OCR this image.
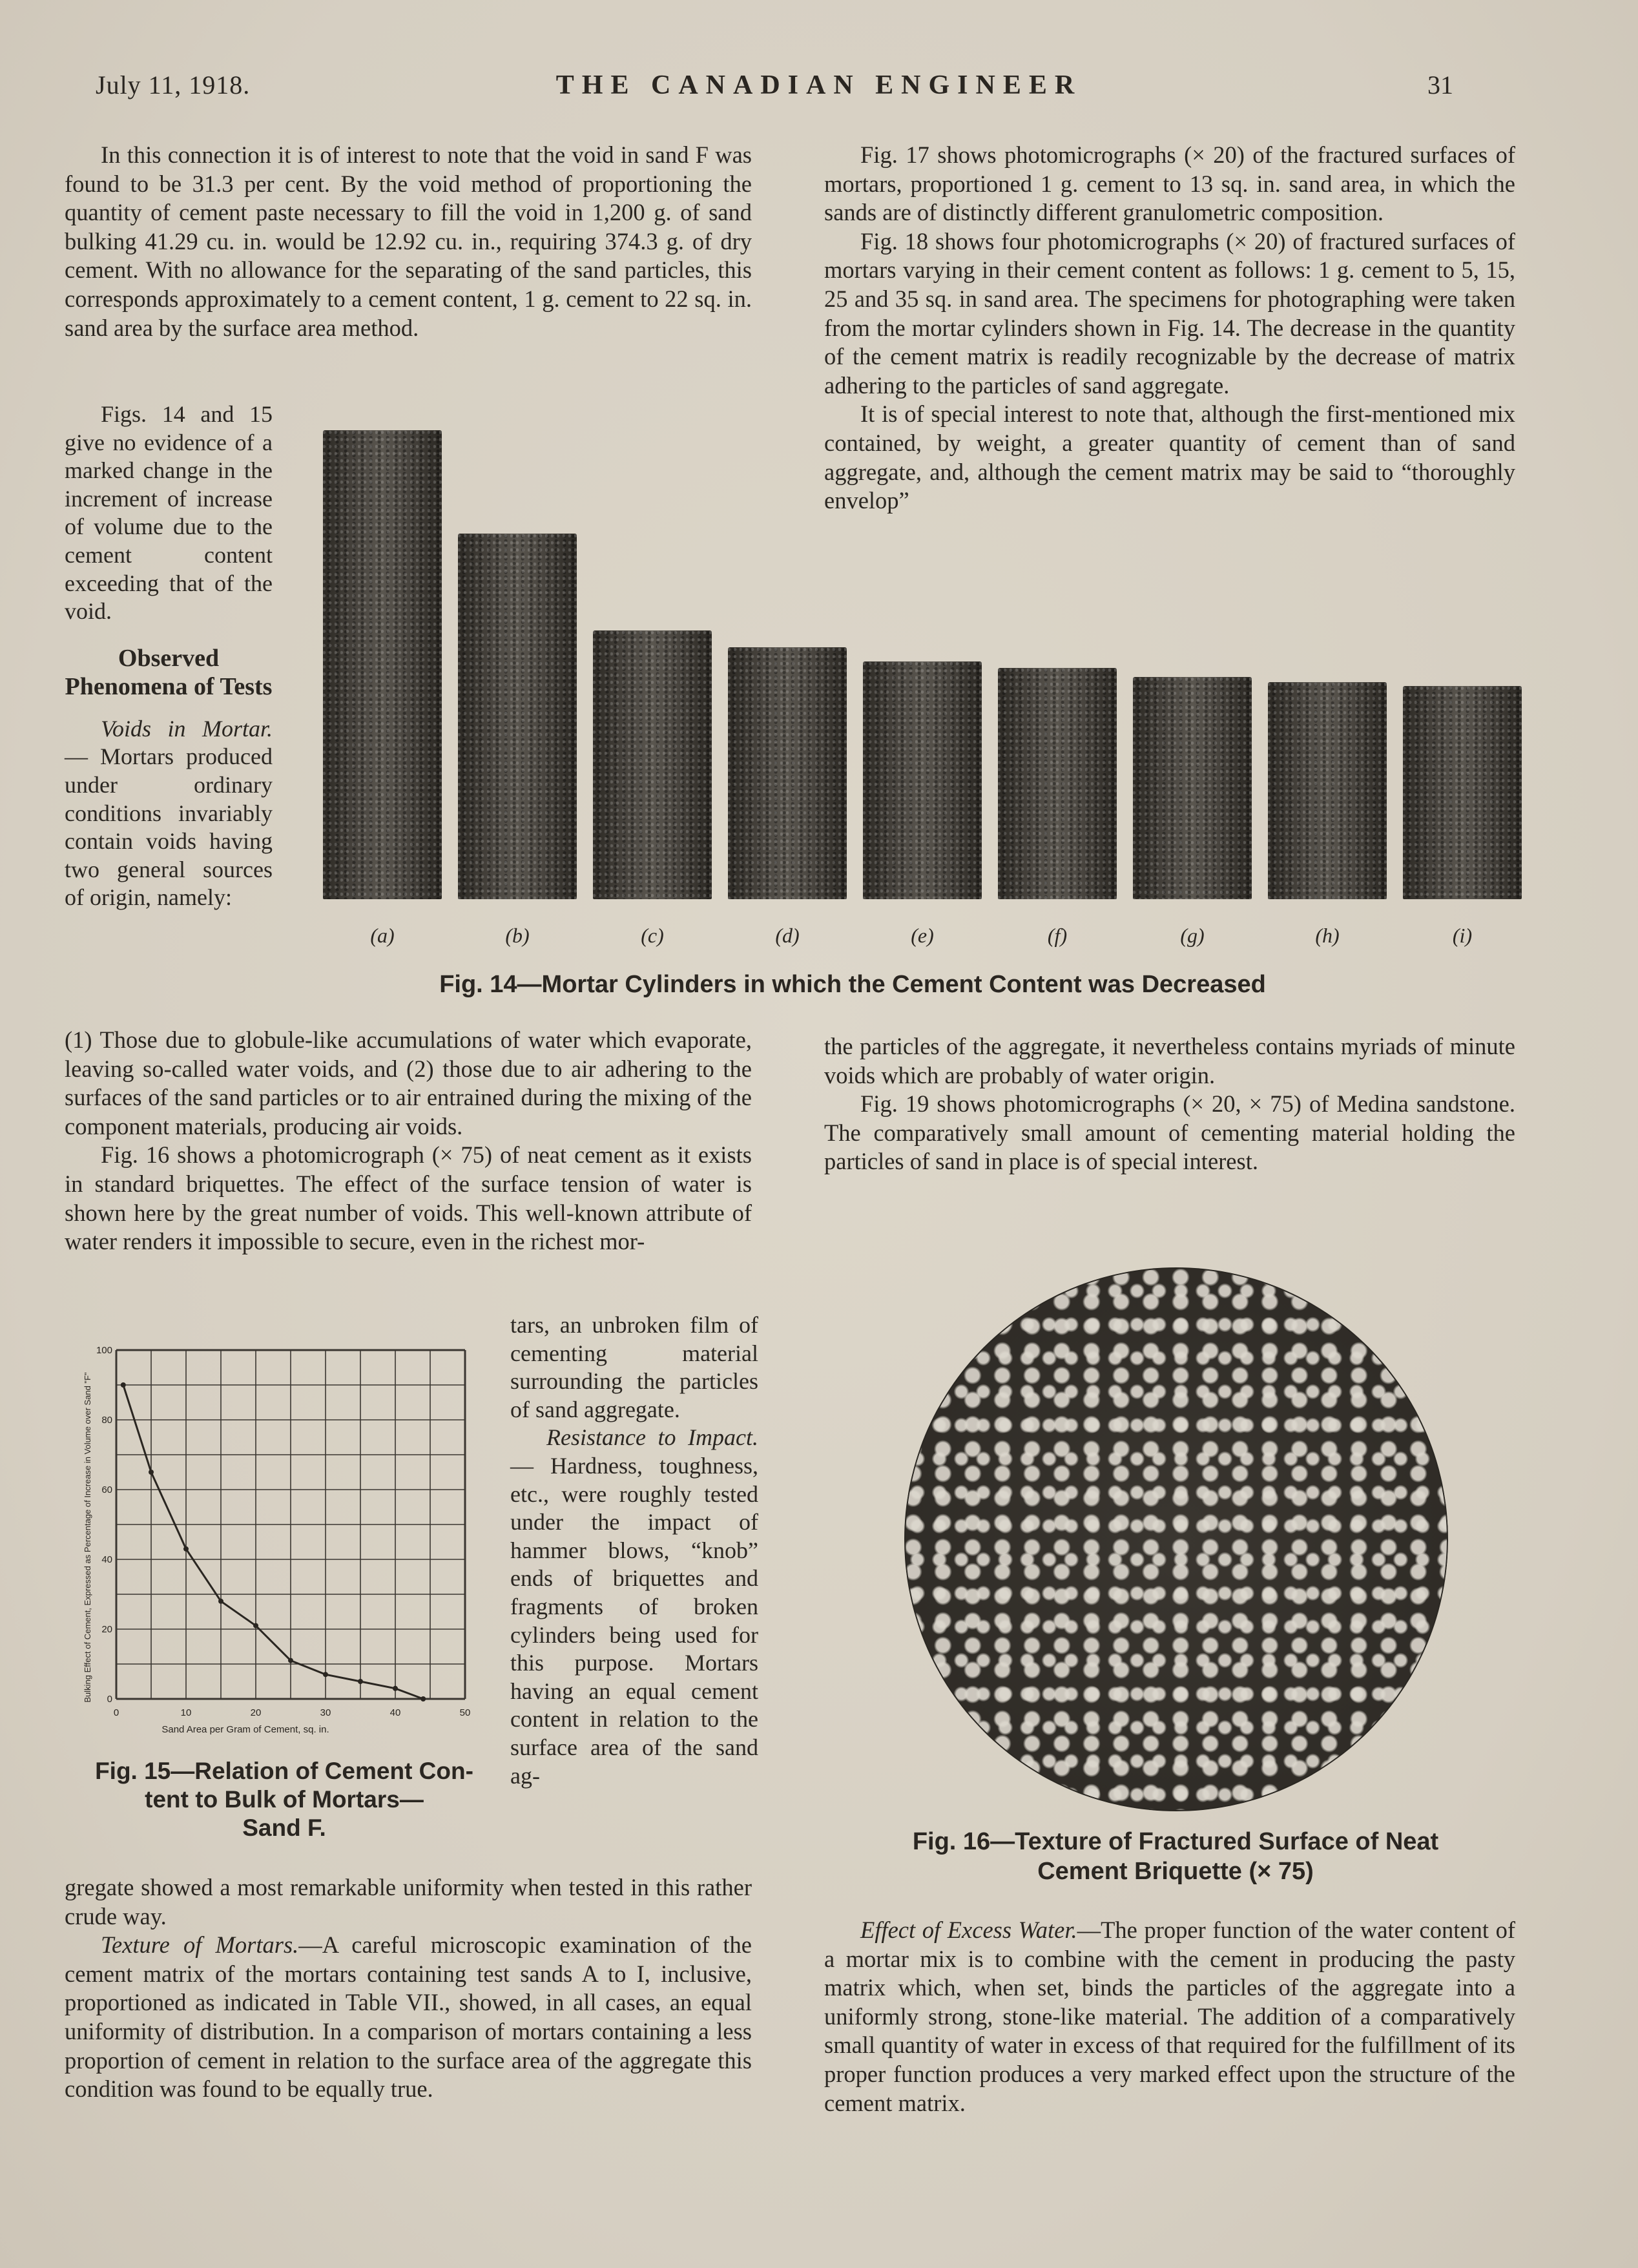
July 11, 1918.	THE CANADIAN ENGINEER	31

In this connection it is of interest to note that the void in sand F was found to be 31.3 per cent. By the void method of proportioning the quantity of cement paste necessary to fill the void in 1,200 g. of sand bulking 41.29 cu. in. would be 12.92 cu. in., requiring 374.3 g. of dry cement. With no allowance for the separating of the sand particles, this corresponds approximately to a cement content, 1 g. cement to 22 sq. in. sand area by the surface area method.

Figs. 14 and 15 give no evidence of a marked change in the increment of increase of volume due to the cement content exceeding that of the void.

Observed Phenomena of Tests

Voids in Mortar.— Mortars produced under ordinary conditions invariably contain voids having two general sources of origin, namely:

(1) Those due to globule-like accumulations of water which evaporate, leaving so-called water voids, and (2) those due to air adhering to the surfaces of the sand particles or to air entrained during the mixing of the component materials, producing air voids.

Fig. 16 shows a photomicrograph (× 75) of neat cement as it exists in standard briquettes. The effect of the surface tension of water is shown here by the great number of voids. This well-known attribute of water renders it impossible to secure, even in the richest mor-

0	10	20	30	40	50
0
20
40
60
80
100
Sand Area per Gram of Cement, sq. in.
Bulking Effect of Cement, Expressed as Percentage of Increase in Volume over Sand "F"
Fig. 15—Relation of Cement Con-
tent to Bulk of Mortars—
Sand F.

tars, an unbroken film of cementing material surrounding the particles of sand aggregate.

Resistance to Impact.— Hardness, toughness, etc., were roughly tested under the impact of hammer blows, “knob” ends of briquettes and fragments of broken cylinders being used for this purpose. Mortars having an equal cement content in relation to the surface area of the sand ag-

gregate showed a most remarkable uniformity when tested in this rather crude way.

Texture of Mortars.—A careful microscopic examination of the cement matrix of the mortars containing test sands A to I, inclusive, proportioned as indicated in Table VII., showed, in all cases, an equal uniformity of distribution. In a comparison of mortars containing a less proportion of cement in relation to the surface area of the aggregate this condition was found to be equally true.

Fig. 17 shows photomicrographs (× 20) of the fractured surfaces of mortars, proportioned 1 g. cement to 13 sq. in. sand area, in which the sands are of distinctly different granulometric composition.

Fig. 18 shows four photomicrographs (× 20) of fractured surfaces of mortars varying in their cement content as follows: 1 g. cement to 5, 15, 25 and 35 sq. in sand area. The specimens for photographing were taken from the mortar cylinders shown in Fig. 14. The decrease in the quantity of the cement matrix is readily recognizable by the decrease of matrix adhering to the particles of sand aggregate.

It is of special interest to note that, although the first-mentioned mix contained, by weight, a greater quantity of cement than of sand aggregate, and, although the cement matrix may be said to “thoroughly envelop”

(a)	(b)	(c)	(d)	(e)	(f)	(g)	(h)	(i)
Fig. 14—Mortar Cylinders in which the Cement Content was Decreased

the particles of the aggregate, it nevertheless contains myriads of minute voids which are probably of water origin.

Fig. 19 shows photomicrographs (× 20, × 75) of Medina sandstone. The comparatively small amount of cementing material holding the particles of sand in place is of special interest.

Fig. 16—Texture of Fractured Surface of Neat
Cement Briquette (× 75)

Effect of Excess Water.—The proper function of the water content of a mortar mix is to combine with the cement in producing the pasty matrix which, when set, binds the particles of the aggregate into a uniformly strong, stone-like material. The addition of a comparatively small quantity of water in excess of that required for the fulfillment of its proper function produces a very marked effect upon the structure of the cement matrix.
